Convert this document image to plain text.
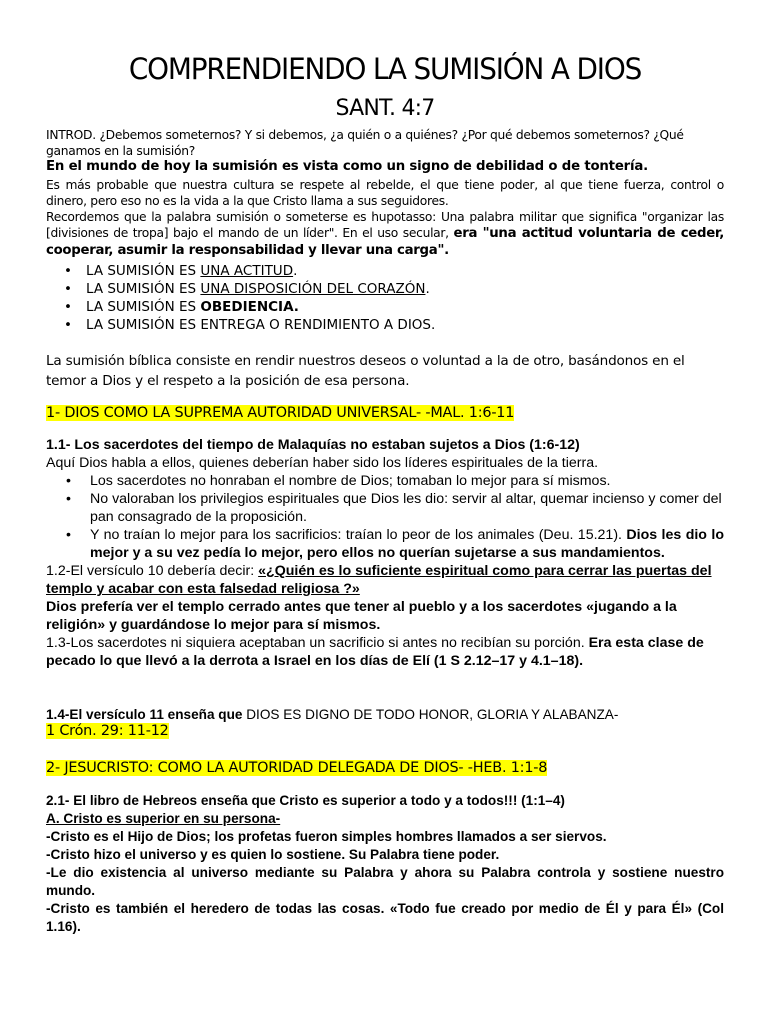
COMPRENDIENDO LA SUMISIÓN A DIOS
SANT. 4:7
INTROD. ¿Debemos someternos? Y si debemos, ¿a quién o a quiénes? ¿Por qué debemos someternos? ¿Qué ganamos en la sumisión?
En el mundo de hoy la sumisión es vista como un signo de debilidad o de tontería.
Es más probable que nuestra cultura se respete al rebelde, el que tiene poder, al que tiene fuerza, control o dinero, pero eso no es la vida a la que Cristo llama a sus seguidores.
Recordemos que la palabra sumisión o someterse es hupotasso: Una palabra militar que significa "organizar las [divisiones de tropa] bajo el mando de un líder". En el uso secular, era "una actitud voluntaria de ceder, cooperar, asumir la responsabilidad y llevar una carga".
• LA SUMISIÓN ES UNA ACTITUD.
• LA SUMISIÓN ES UNA DISPOSICIÓN DEL CORAZÓN.
• LA SUMISIÓN ES OBEDIENCIA.
• LA SUMISIÓN ES ENTREGA O RENDIMIENTO A DIOS.
La sumisión bíblica consiste en rendir nuestros deseos o voluntad a la de otro, basándonos en el temor a Dios y el respeto a la posición de esa persona.
1- DIOS COMO LA SUPREMA AUTORIDAD UNIVERSAL- -MAL. 1:6-11
1.1- Los sacerdotes del tiempo de Malaquías no estaban sujetos a Dios (1:6-12)
Aquí Dios habla a ellos, quienes deberían haber sido los líderes espirituales de la tierra.
• Los sacerdotes no honraban el nombre de Dios; tomaban lo mejor para sí mismos.
• No valoraban los privilegios espirituales que Dios les dio: servir al altar, quemar incienso y comer del pan consagrado de la proposición.
• Y no traían lo mejor para los sacrificios: traían lo peor de los animales (Deu. 15.21). Dios les dio lo mejor y a su vez pedía lo mejor, pero ellos no querían sujetarse a sus mandamientos.
1.2-El versículo 10 debería decir: «¿Quién es lo suficiente espiritual como para cerrar las puertas del templo y acabar con esta falsedad religiosa ?»
Dios prefería ver el templo cerrado antes que tener al pueblo y a los sacerdotes «jugando a la religión» y guardándose lo mejor para sí mismos.
1.3-Los sacerdotes ni siquiera aceptaban un sacrificio si antes no recibían su porción. Era esta clase de pecado lo que llevó a la derrota a Israel en los días de Elí (1 S 2.12–17 y 4.1–18).
1.4-El versículo 11 enseña que DIOS ES DIGNO DE TODO HONOR, GLORIA Y ALABANZA-
1 Crón. 29: 11-12
2- JESUCRISTO: COMO LA AUTORIDAD DELEGADA DE DIOS- -HEB. 1:1-8
2.1- El libro de Hebreos enseña que Cristo es superior a todo y a todos!!! (1:1–4)
A. Cristo es superior en su persona-
-Cristo es el Hijo de Dios; los profetas fueron simples hombres llamados a ser siervos.
-Cristo hizo el universo y es quien lo sostiene. Su Palabra tiene poder.
-Le dio existencia al universo mediante su Palabra y ahora su Palabra controla y sostiene nuestro mundo.
-Cristo es también el heredero de todas las cosas. «Todo fue creado por medio de Él y para Él» (Col 1.16).
